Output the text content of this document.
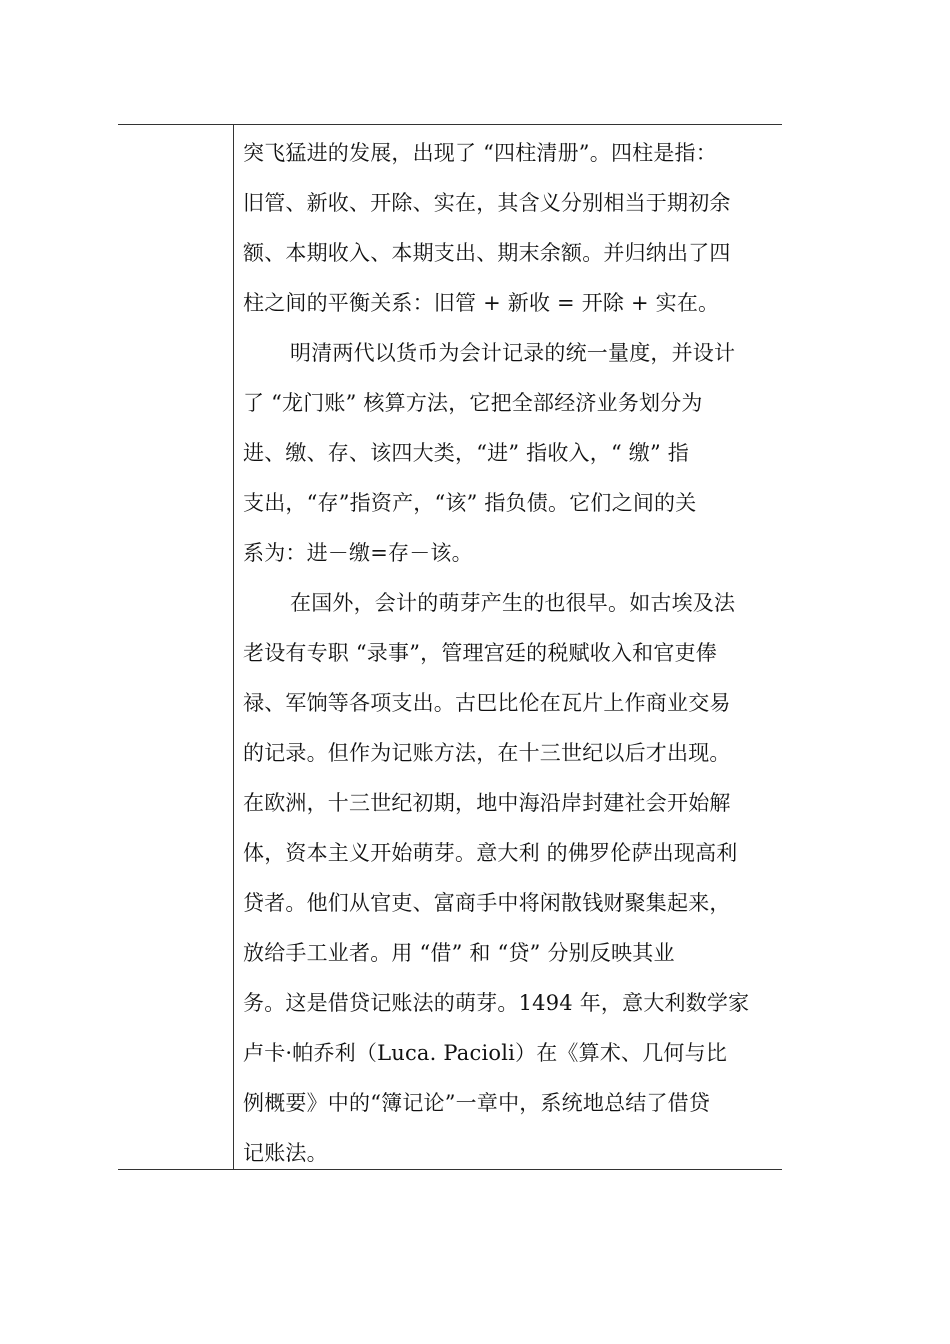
突飞猛进的发展，出现了 “四柱清册”。四柱是指：
旧管、新收、开除、实在，其含义分别相当于期初余
额、本期收入、本期支出、期末余额。并归纳出了四
柱之间的平衡关系：旧管 + 新收 = 开除 + 实在。
明清两代以货币为会计记录的统一量度，并设计
了 “龙门账” 核算方法，它把全部经济业务划分为
进、缴、存、该四大类，“进” 指收入，“ 缴” 指
支出，“存”指资产，“该” 指负债。它们之间的关
系为：进－缴=存－该。
在国外，会计的萌芽产生的也很早。如古埃及法
老设有专职 “录事”，管理宫廷的税赋收入和官吏俸
禄、军饷等各项支出。古巴比伦在瓦片上作商业交易
的记录。但作为记账方法，在十三世纪以后才出现。
在欧洲，十三世纪初期，地中海沿岸封建社会开始解
体，资本主义开始萌芽。意大利 的佛罗伦萨出现高利
贷者。他们从官吏、富商手中将闲散钱财聚集起来，
放给手工业者。用 “借” 和 “贷” 分别反映其业
务。这是借贷记账法的萌芽。1494 年，意大利数学家
卢卡·帕乔利（Luca. Pacioli）在《算术、几何与比
例概要》中的“簿记论”一章中，系统地总结了借贷
记账法。
